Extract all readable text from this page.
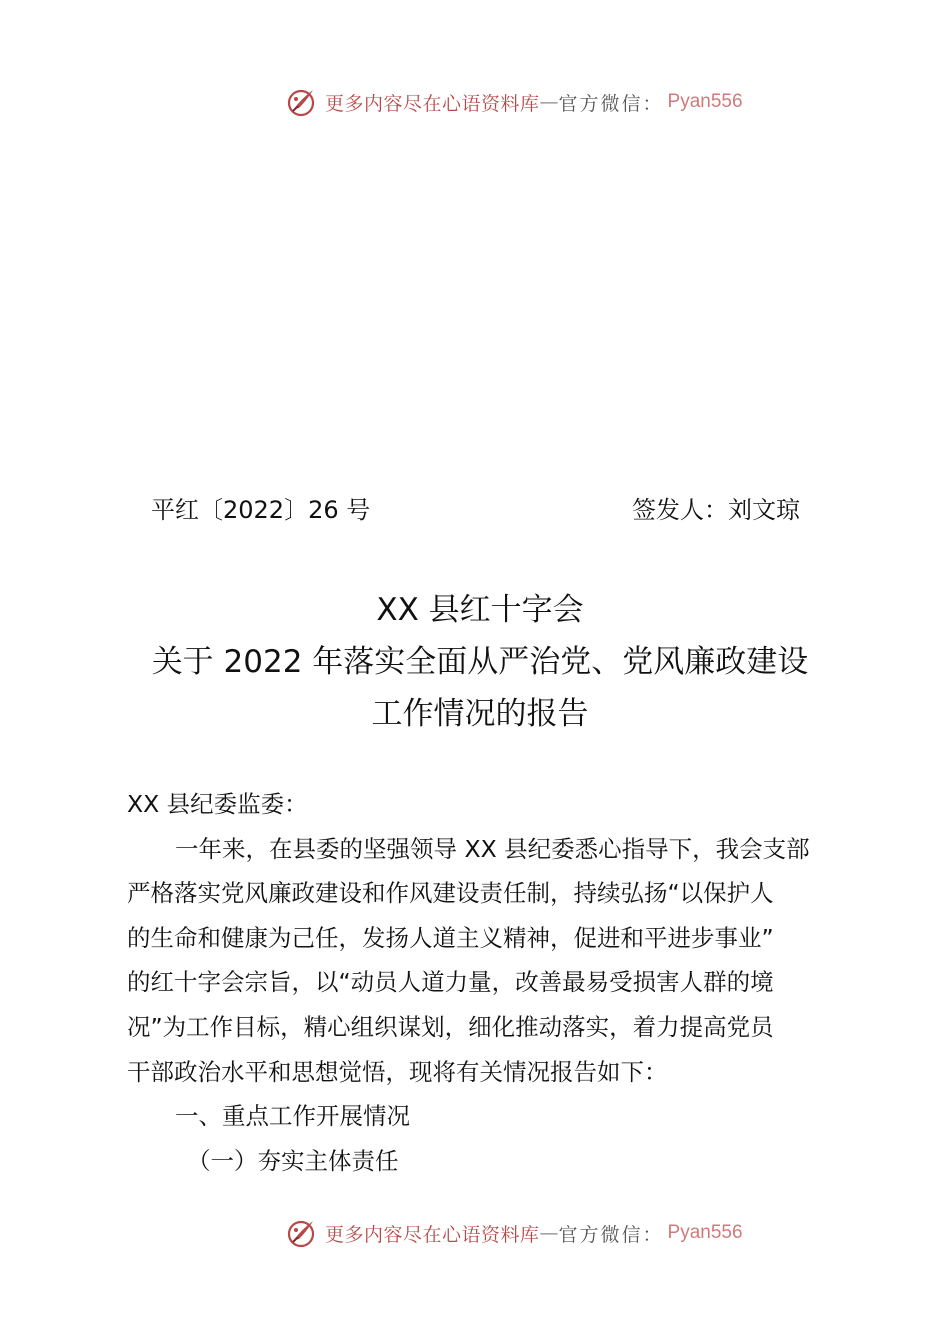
更多内容尽在心语资料库 — 官方微信： Pyan556
平红〔2022〕26 号	签发人：刘文琼
XX 县红十字会
关于 2022 年落实全面从严治党、党风廉政建设
工作情况的报告
XX 县纪委监委：
一年来，在县委的坚强领导 XX 县纪委悉心指导下，我会支部
严格落实党风廉政建设和作风建设责任制，持续弘扬“以保护人
的生命和健康为己任，发扬人道主义精神，促进和平进步事业”
的红十字会宗旨，以“动员人道力量，改善最易受损害人群的境
况”为工作目标，精心组织谋划，细化推动落实，着力提高党员
干部政治水平和思想觉悟，现将有关情况报告如下：
一、重点工作开展情况
（一）夯实主体责任
更多内容尽在心语资料库 — 官方微信： Pyan556
